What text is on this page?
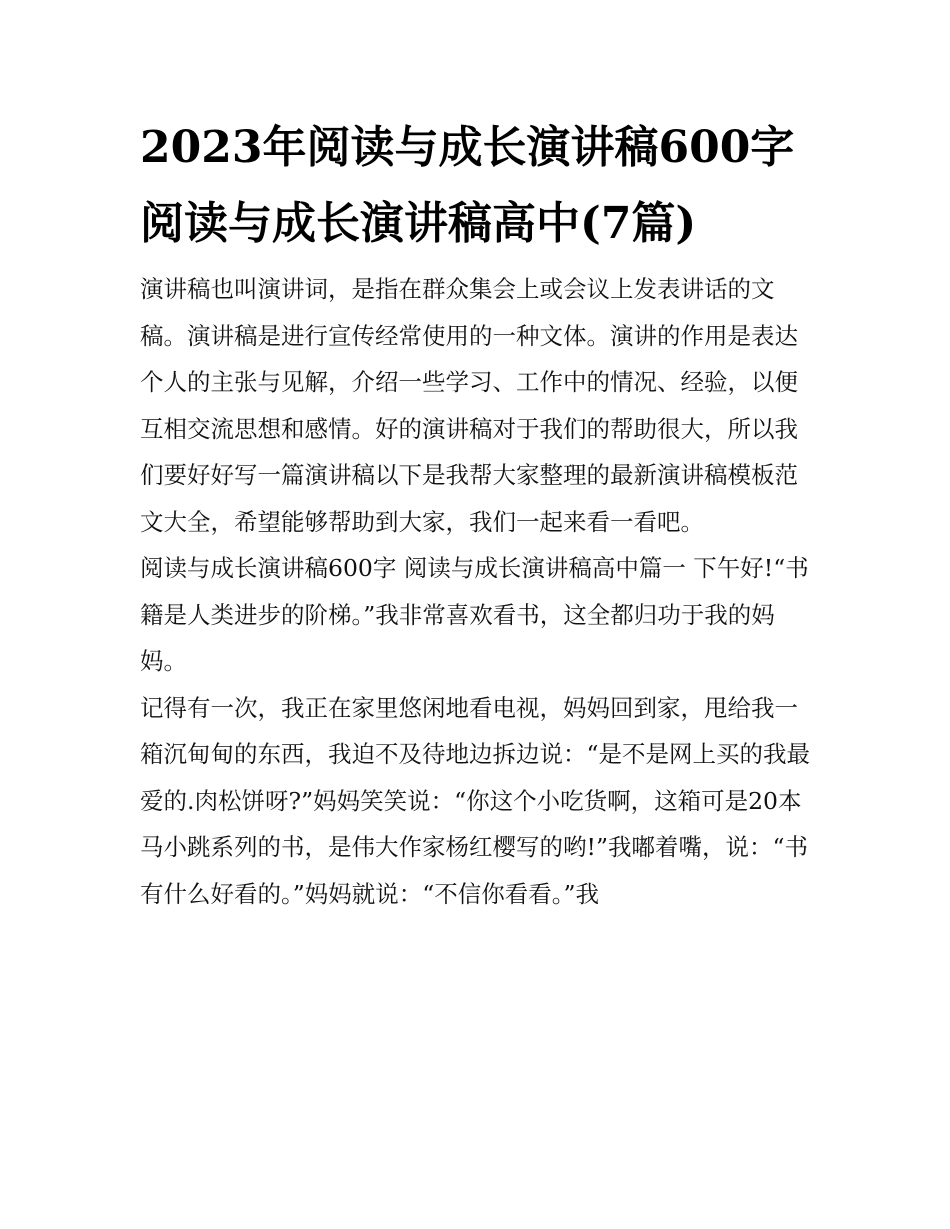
2023年阅读与成长演讲稿600字 阅读与成长演讲稿高中(7篇)

演讲稿也叫演讲词，是指在群众集会上或会议上发表讲话的文稿。演讲稿是进行宣传经常使用的一种文体。演讲的作用是表达个人的主张与见解，介绍一些学习、工作中的情况、经验，以便互相交流思想和感情。好的演讲稿对于我们的帮助很大，所以我们要好好写一篇演讲稿以下是我帮大家整理的最新演讲稿模板范文大全，希望能够帮助到大家，我们一起来看一看吧。

阅读与成长演讲稿600字 阅读与成长演讲稿高中篇一 下午好!“书籍是人类进步的阶梯。”我非常喜欢看书，这全都归功于我的妈妈。

记得有一次，我正在家里悠闲地看电视，妈妈回到家，甩给我一箱沉甸甸的东西，我迫不及待地边拆边说：“是不是网上买的我最爱的.肉松饼呀?”妈妈笑笑说：“你这个小吃货啊，这箱可是20本马小跳系列的书，是伟大作家杨红樱写的哟!”我嘟着嘴，说：“书有什么好看的。”妈妈就说：“不信你看看。”我
